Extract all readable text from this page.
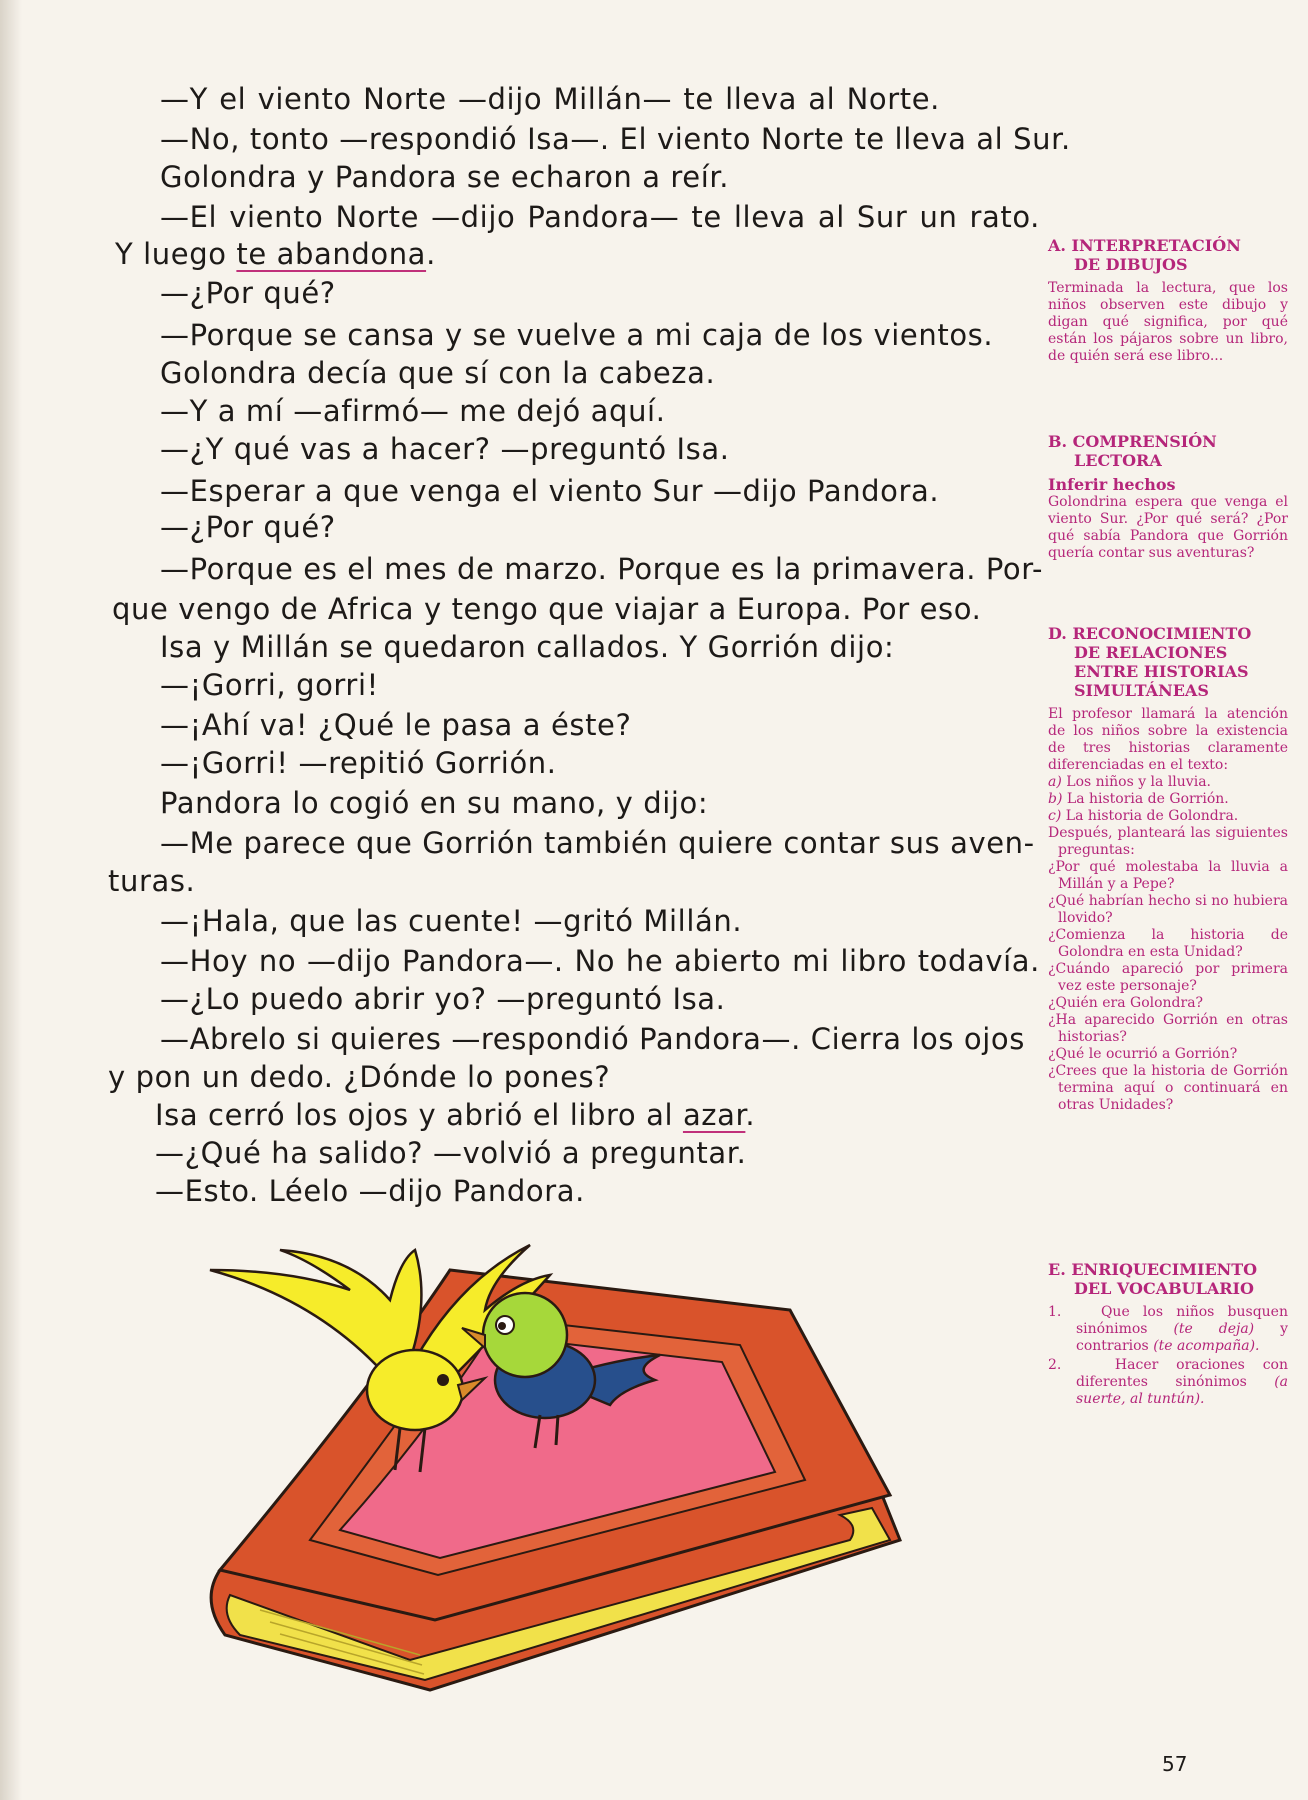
—Y el viento Norte —dijo Millán— te lleva al Norte.
—No, tonto —respondió Isa—. El viento Norte te lleva al Sur.
Golondra y Pandora se echaron a reír.
—El viento Norte —dijo Pandora— te lleva al Sur un rato.
Y luego te abandona.
—¿Por qué?
—Porque se cansa y se vuelve a mi caja de los vientos.
Golondra decía que sí con la cabeza.
—Y a mí —afirmó— me dejó aquí.
—¿Y qué vas a hacer? —preguntó Isa.
—Esperar a que venga el viento Sur —dijo Pandora.
—¿Por qué?
—Porque es el mes de marzo. Porque es la primavera. Por-
que vengo de Africa y tengo que viajar a Europa. Por eso.
Isa y Millán se quedaron callados. Y Gorrión dijo:
—¡Gorri, gorri!
—¡Ahí va! ¿Qué le pasa a éste?
—¡Gorri! —repitió Gorrión.
Pandora lo cogió en su mano, y dijo:
—Me parece que Gorrión también quiere contar sus aven-
turas.
—¡Hala, que las cuente! —gritó Millán.
—Hoy no —dijo Pandora—. No he abierto mi libro todavía.
—¿Lo puedo abrir yo? —preguntó Isa.
—Abrelo si quieres —respondió Pandora—. Cierra los ojos
y pon un dedo. ¿Dónde lo pones?
Isa cerró los ojos y abrió el libro al azar.
—¿Qué ha salido? —volvió a preguntar.
—Esto. Léelo —dijo Pandora.
A. INTERPRETACIÓN
DE DIBUJOS

Terminada la lectura, que los niños observen este dibujo y digan qué significa, por qué están los pájaros sobre un libro, de quién será ese libro...

B. COMPRENSIÓN
LECTORA

Inferir hechos

Golondrina espera que venga el viento Sur. ¿Por qué será? ¿Por qué sabía Pandora que Gorrión quería contar sus aventuras?

D. RECONOCIMIENTO
DE RELACIONES
ENTRE HISTORIAS
SIMULTÁNEAS

El profesor llamará la atención de los niños sobre la existencia de tres historias claramente diferenciadas en el texto:

a) Los niños y la lluvia.

b) La historia de Gorrión.

c) La historia de Golondra.

Después, planteará las siguientes preguntas:

¿Por qué molestaba la lluvia a Millán y a Pepe?

¿Qué habrían hecho si no hubiera llovido?

¿Comienza la historia de Golondra en esta Unidad?

¿Cuándo apareció por primera vez este personaje?

¿Quién era Golondra?

¿Ha aparecido Gorrión en otras historias?

¿Qué le ocurrió a Gorrión?

¿Crees que la historia de Gorrión termina aquí o continuará en otras Unidades?

E. ENRIQUECIMIENTO
DEL VOCABULARIO

1.   Que los niños busquen sinónimos (te deja) y contrarios (te acompaña).

2.   Hacer oraciones con diferentes sinónimos (a suerte, al tuntún).

57
